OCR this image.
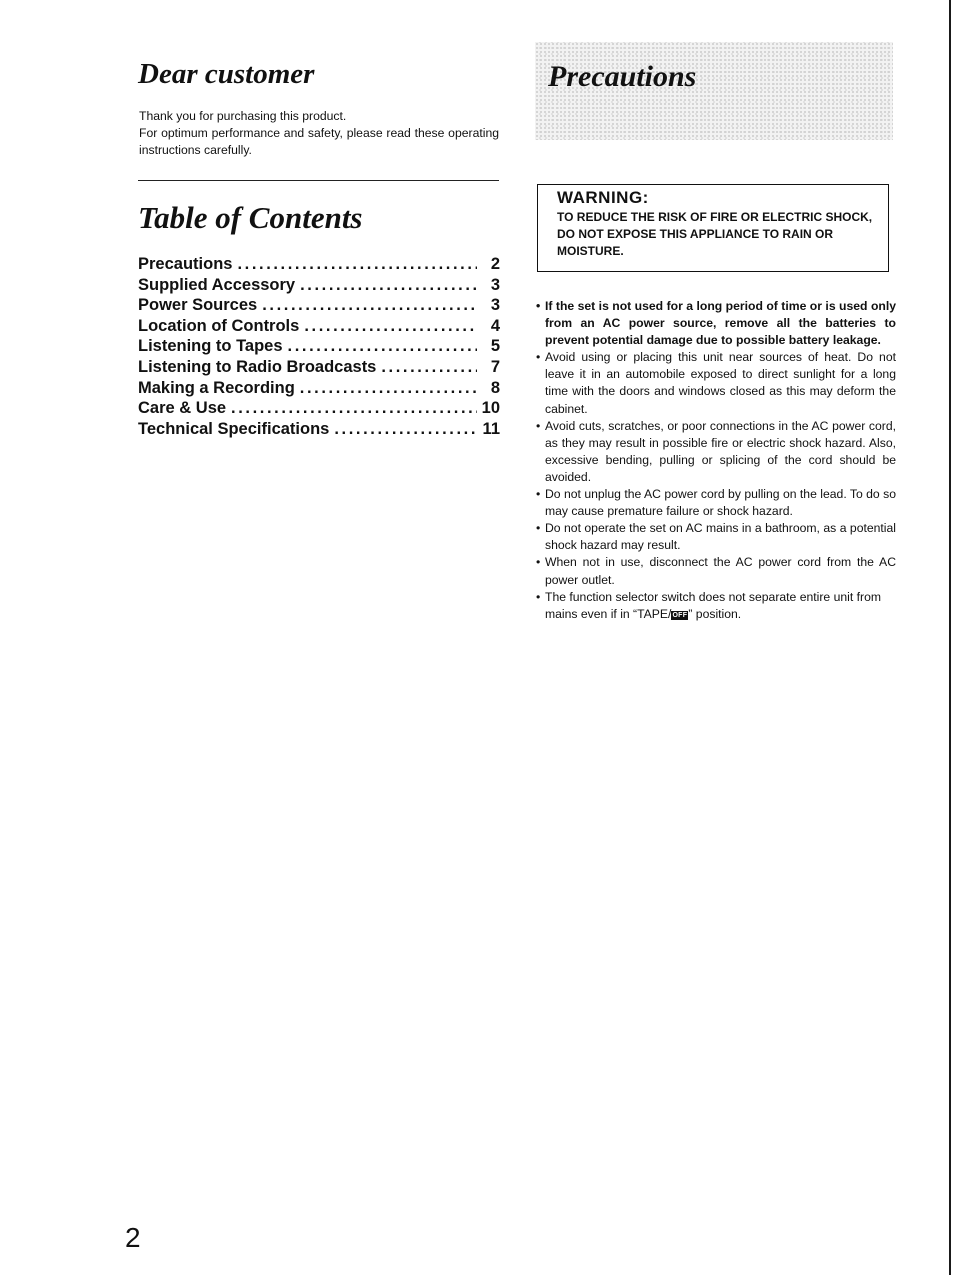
Dear customer

Thank you for purchasing this product.

For optimum performance and safety, please read these operating instructions carefully.

Table of Contents
Precautions .....	2
Supplied Accessory .....	3
Power Sources .....	3
Location of Controls .....	4
Listening to Tapes .....	5
Listening to Radio Broadcasts .....	7
Making a Recording .....	8
Care & Use .....	10
Technical Specifications .....	11
Precautions
WARNING:
TO REDUCE THE RISK OF FIRE OR ELECTRIC SHOCK, DO NOT EXPOSE THIS APPLIANCE TO RAIN OR MOISTURE.
• If the set is not used for a long period of time or is used only from an AC power source, remove all the batteries to prevent potential damage due to possible battery leakage.
• Avoid using or placing this unit near sources of heat. Do not leave it in an automobile exposed to direct sunlight for a long time with the doors and windows closed as this may deform the cabinet.
• Avoid cuts, scratches, or poor connections in the AC power cord, as they may result in possible fire or electric shock hazard. Also, excessive bending, pulling or splicing of the cord should be avoided.
• Do not unplug the AC power cord by pulling on the lead. To do so may cause premature failure or shock hazard.
• Do not operate the set on AC mains in a bathroom, as a potential shock hazard may result.
• When not in use, disconnect the AC power cord from the AC power outlet.
• The function selector switch does not separate entire unit from mains even if in “TAPE/OFF” position.
2
